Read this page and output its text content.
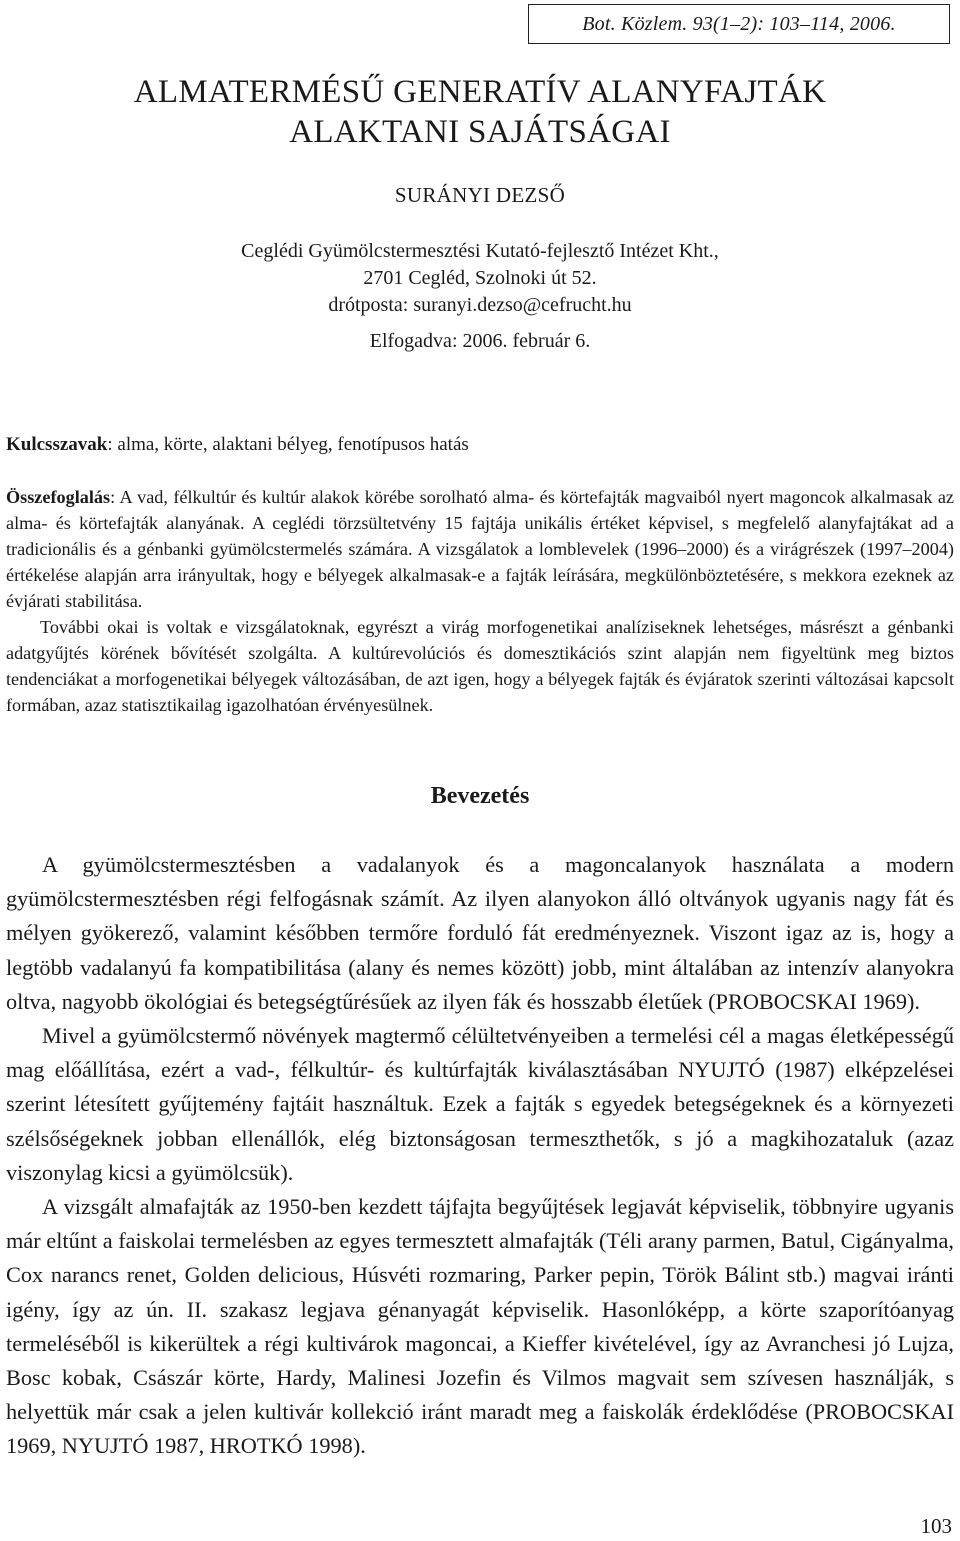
Bot. Közlem. 93(1–2): 103–114, 2006.
ALMATERMÉSŰ GENERATÍV ALANYFAJTÁK
ALAKTANI SAJÁTSÁGAI
SURÁNYI DEZSŐ
Ceglédi Gyümölcstermesztési Kutató-fejlesztő Intézet Kht.,
2701 Cegléd, Szolnoki út 52.
drótposta: suranyi.dezso@cefrucht.hu
Elfogadva: 2006. február 6.
Kulcsszavak: alma, körte, alaktani bélyeg, fenotípusos hatás

Összefoglalás: A vad, félkultúr és kultúr alakok körébe sorolható alma- és körtefajták magvaiból nyert magoncok alkalmasak az alma- és körtefajták alanyának. A ceglédi törzsültetvény 15 fajtája unikális értéket képvisel, s megfelelő alanyfajtákat ad a tradicionális és a génbanki gyümölcstermelés számára. A vizsgálatok a lomblevelek (1996–2000) és a virágrészek (1997–2004) értékelése alapján arra irányultak, hogy e bélyegek alkalmasak-e a fajták leírására, megkülönböztetésére, s mekkora ezeknek az évjárati stabilitása.

További okai is voltak e vizsgálatoknak, egyrészt a virág morfogenetikai analíziseknek lehetséges, másrészt a génbanki adatgyűjtés körének bővítését szolgálta. A kultúrevolúciós és domesztikációs szint alapján nem figyeltünk meg biztos tendenciákat a morfogenetikai bélyegek változásában, de azt igen, hogy a bélyegek fajták és évjáratok szerinti változásai kapcsolt formában, azaz statisztikailag igazolhatóan érvényesülnek.

Bevezetés

A gyümölcstermesztésben a vadalanyok és a magoncalanyok használata a modern gyümölcstermesztésben régi felfogásnak számít. Az ilyen alanyokon álló oltványok ugyanis nagy fát és mélyen gyökerező, valamint későbben termőre forduló fát eredményeznek. Viszont igaz az is, hogy a legtöbb vadalanyú fa kompatibilitása (alany és nemes között) jobb, mint általában az intenzív alanyokra oltva, nagyobb ökológiai és betegségtűrésűek az ilyen fák és hosszabb életűek (PROBOCSKAI 1969).

Mivel a gyümölcstermő növények magtermő célültetvényeiben a termelési cél a magas életképességű mag előállítása, ezért a vad-, félkultúr- és kultúrfajták kiválasztásában NYUJTÓ (1987) elképzelései szerint létesített gyűjtemény fajtáit használtuk. Ezek a fajták s egyedek betegségeknek és a környezeti szélsőségeknek jobban ellenállók, elég biztonságosan termeszthetők, s jó a magkihozataluk (azaz viszonylag kicsi a gyümölcsük).

A vizsgált almafajták az 1950-ben kezdett tájfajta begyűjtések legjavát képviselik, többnyire ugyanis már eltűnt a faiskolai termelésben az egyes termesztett almafajták (Téli arany parmen, Batul, Cigányalma, Cox narancs renet, Golden delicious, Húsvéti rozmaring, Parker pepin, Török Bálint stb.) magvai iránti igény, így az ún. II. szakasz legjava génanyagát képviselik. Hasonlóképp, a körte szaporítóanyag termeléséből is kikerültek a régi kultivárok magoncai, a Kieffer kivételével, így az Avranchesi jó Lujza, Bosc kobak, Császár körte, Hardy, Malinesi Jozefin és Vilmos magvait sem szívesen használják, s helyettük már csak a jelen kultivár kollekció iránt maradt meg a faiskolák érdeklődése (PROBOCSKAI 1969, NYUJTÓ 1987, HROTKÓ 1998).

103
